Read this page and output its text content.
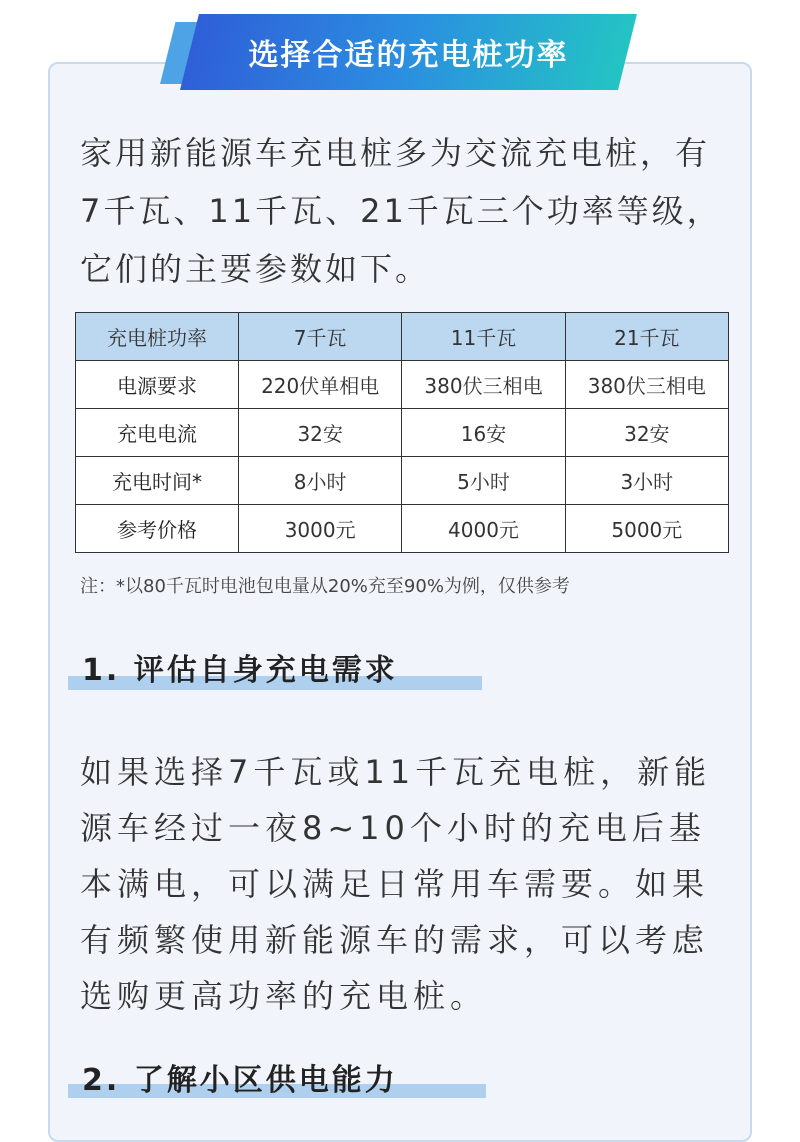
选择合适的充电桩功率

家用新能源车充电桩多为交流充电桩，有7千瓦、11千瓦、21千瓦三个功率等级，它们的主要参数如下。

充电桩功率	7千瓦	11千瓦	21千瓦
电源要求	220伏单相电	380伏三相电	380伏三相电
充电电流	32安	16安	32安
充电时间*	8小时	5小时	3小时
参考价格	3000元	4000元	5000元
注：*以80千瓦时电池包电量从20%充至90%为例，仅供参考
1. 评估自身充电需求

如果选择7千瓦或11千瓦充电桩，新能源车经过一夜8~10个小时的充电后基本满电，可以满足日常用车需要。如果有频繁使用新能源车的需求，可以考虑选购更高功率的充电桩。

2. 了解小区供电能力
